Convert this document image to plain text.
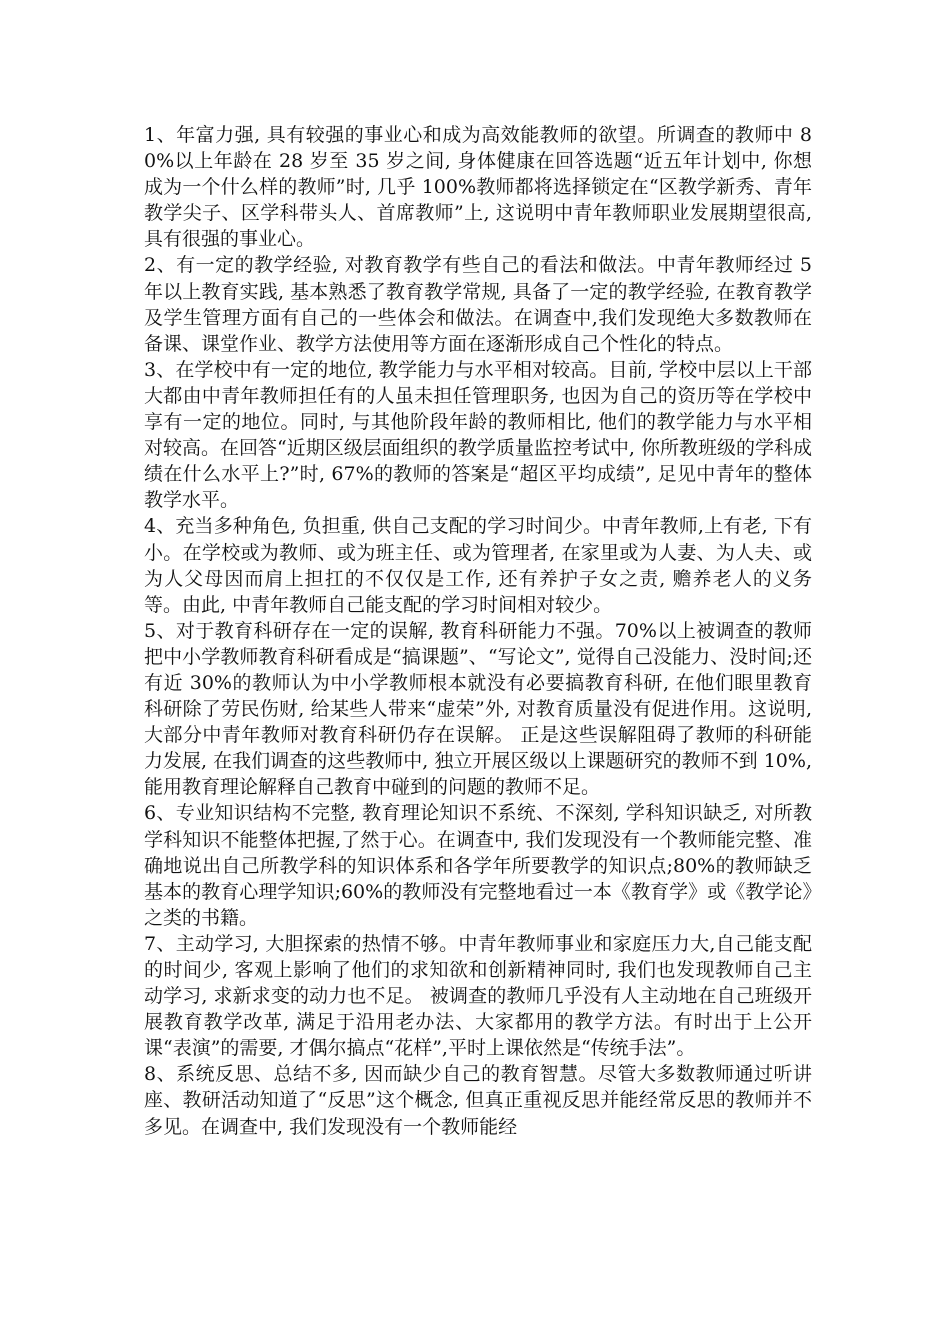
1、年富力强, 具有较强的事业心和成为高效能教师的欲望。所调查的教师中 80%以上年龄在 28 岁至 35 岁之间, 身体健康在回答选题“近五年计划中, 你想成为一个什么样的教师”时, 几乎 100%教师都将选择锁定在“区教学新秀、青年教学尖子、区学科带头人、首席教师”上, 这说明中青年教师职业发展期望很高, 具有很强的事业心。

2、有一定的教学经验, 对教育教学有些自己的看法和做法。中青年教师经过 5 年以上教育实践, 基本熟悉了教育教学常规, 具备了一定的教学经验, 在教育教学及学生管理方面有自己的一些体会和做法。在调查中,我们发现绝大多数教师在备课、课堂作业、教学方法使用等方面在逐渐形成自己个性化的特点。

3、在学校中有一定的地位, 教学能力与水平相对较高。目前, 学校中层以上干部大都由中青年教师担任有的人虽未担任管理职务, 也因为自己的资历等在学校中享有一定的地位。同时, 与其他阶段年龄的教师相比, 他们的教学能力与水平相对较高。在回答“近期区级层面组织的教学质量监控考试中, 你所教班级的学科成绩在什么水平上?”时, 67%的教师的答案是“超区平均成绩”, 足见中青年的整体教学水平。

4、充当多种角色, 负担重, 供自己支配的学习时间少。中青年教师,上有老, 下有小。在学校或为教师、或为班主任、或为管理者, 在家里或为人妻、为人夫、或为人父母因而肩上担扛的不仅仅是工作, 还有养护子女之责, 赡养老人的义务等。由此, 中青年教师自己能支配的学习时间相对较少。

5、对于教育科研存在一定的误解, 教育科研能力不强。70%以上被调查的教师把中小学教师教育科研看成是“搞课题”、“写论文”, 觉得自己没能力、没时间;还有近 30%的教师认为中小学教师根本就没有必要搞教育科研, 在他们眼里教育科研除了劳民伤财, 给某些人带来“虚荣”外, 对教育质量没有促进作用。这说明, 大部分中青年教师对教育科研仍存在误解。 正是这些误解阻碍了教师的科研能力发展, 在我们调查的这些教师中, 独立开展区级以上课题研究的教师不到 10%, 能用教育理论解释自己教育中碰到的问题的教师不足。

6、专业知识结构不完整, 教育理论知识不系统、不深刻, 学科知识缺乏, 对所教学科知识不能整体把握,了然于心。在调查中, 我们发现没有一个教师能完整、准确地说出自己所教学科的知识体系和各学年所要教学的知识点;80%的教师缺乏基本的教育心理学知识;60%的教师没有完整地看过一本《教育学》或《教学论》之类的书籍。

7、主动学习, 大胆探索的热情不够。中青年教师事业和家庭压力大,自己能支配的时间少, 客观上影响了他们的求知欲和创新精神同时, 我们也发现教师自己主动学习, 求新求变的动力也不足。 被调查的教师几乎没有人主动地在自己班级开展教育教学改革, 满足于沿用老办法、大家都用的教学方法。有时出于上公开课“表演”的需要, 才偶尔搞点“花样”,平时上课依然是“传统手法”。

8、系统反思、总结不多, 因而缺少自己的教育智慧。尽管大多数教师通过听讲座、教研活动知道了“反思”这个概念, 但真正重视反思并能经常反思的教师并不多见。在调查中, 我们发现没有一个教师能经
